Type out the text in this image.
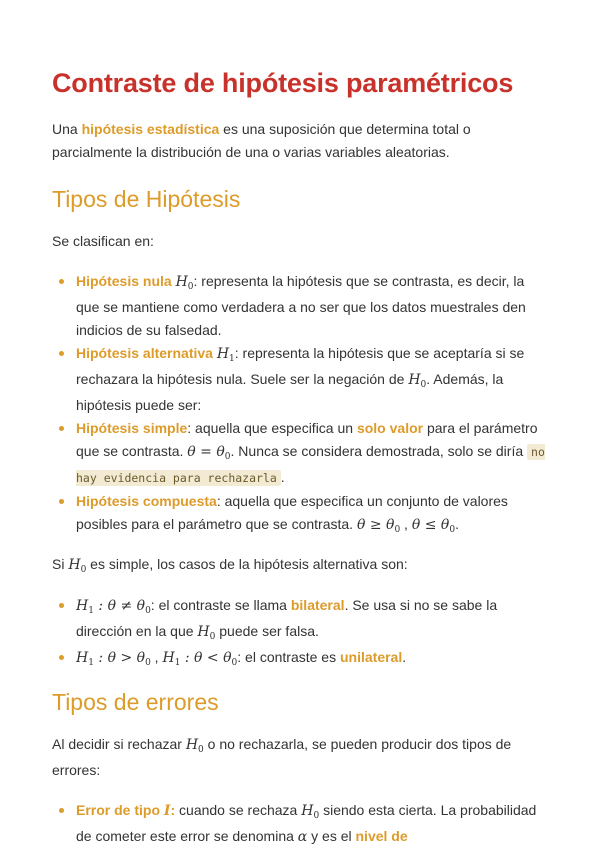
Contraste de hipótesis paramétricos

Una hipótesis estadística es una suposición que determina total o parcialmente la distribución de una o varias variables aleatorias.

Tipos de Hipótesis

Se clasifican en:

Hipótesis nula $H_0$: representa la hipótesis que se contrasta, es decir, la que se mantiene como verdadera a no ser que los datos muestrales den indicios de su falsedad.
Hipótesis alternativa $H_1$: representa la hipótesis que se aceptaría si se rechazara la hipótesis nula. Suele ser la negación de $H_0$. Además, la hipótesis puede ser:
Hipótesis simple: aquella que especifica un solo valor para el parámetro que se contrasta. $\theta = \theta_0$. Nunca se considera demostrada, solo se diría no hay evidencia para rechazarla .
Hipótesis compuesta: aquella que especifica un conjunto de valores posibles para el parámetro que se contrasta. $\theta \ge \theta_0$ , $\theta \le \theta_0$.

Si $H_0$ es simple, los casos de la hipótesis alternativa son:

$H_1$ : $\theta \ne \theta_0$: el contraste se llama bilateral. Se usa si no se sabe la dirección en la que $H_0$ puede ser falsa.
$H_1$ : $\theta > \theta_0$ , $H_1$ : $\theta < \theta_0$: el contraste es unilateral.
Tipos de errores

Al decidir si rechazar $H_0$ o no rechazarla, se pueden producir dos tipos de errores:

Error de tipo I: cuando se rechaza $H_0$ siendo esta cierta. La probabilidad de cometer este error se denomina α y es el nivel de
